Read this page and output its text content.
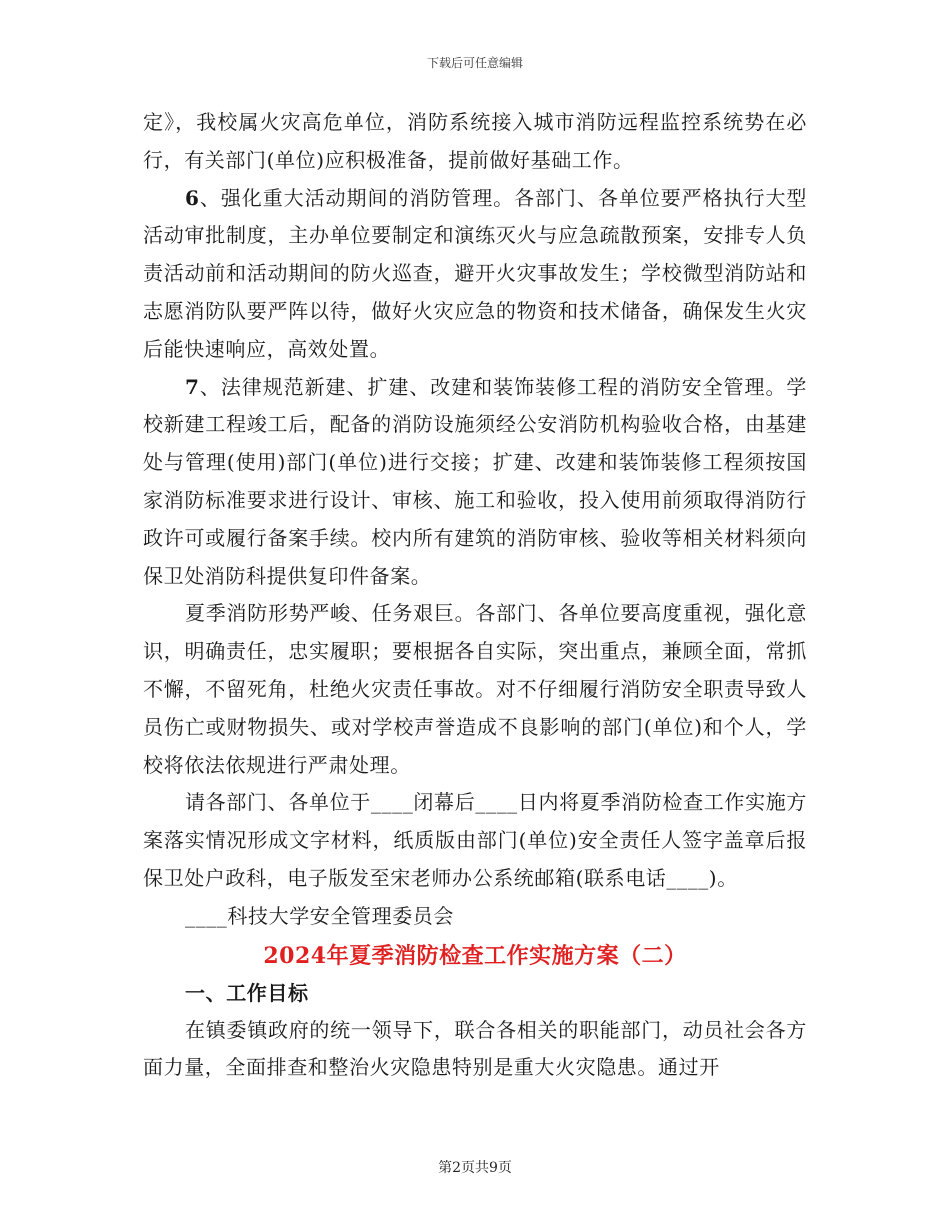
下载后可任意编辑

定》，我校属火灾高危单位，消防系统接入城市消防远程监控系统势在必行，有关部门(单位)应积极准备，提前做好基础工作。

6、强化重大活动期间的消防管理。各部门、各单位要严格执行大型活动审批制度，主办单位要制定和演练灭火与应急疏散预案，安排专人负责活动前和活动期间的防火巡查，避开火灾事故发生；学校微型消防站和志愿消防队要严阵以待，做好火灾应急的物资和技术储备，确保发生火灾后能快速响应，高效处置。

7、法律规范新建、扩建、改建和装饰装修工程的消防安全管理。学校新建工程竣工后，配备的消防设施须经公安消防机构验收合格，由基建处与管理(使用)部门(单位)进行交接；扩建、改建和装饰装修工程须按国家消防标准要求进行设计、审核、施工和验收，投入使用前须取得消防行政许可或履行备案手续。校内所有建筑的消防审核、验收等相关材料须向保卫处消防科提供复印件备案。

夏季消防形势严峻、任务艰巨。各部门、各单位要高度重视，强化意识，明确责任，忠实履职；要根据各自实际，突出重点，兼顾全面，常抓不懈，不留死角，杜绝火灾责任事故。对不仔细履行消防安全职责导致人员伤亡或财物损失、或对学校声誉造成不良影响的部门(单位)和个人，学校将依法依规进行严肃处理。

请各部门、各单位于____闭幕后____日内将夏季消防检查工作实施方案落实情况形成文字材料，纸质版由部门(单位)安全责任人签字盖章后报保卫处户政科，电子版发至宋老师办公系统邮箱(联系电话____)。

____科技大学安全管理委员会

2024年夏季消防检查工作实施方案（二）
一、工作目标

在镇委镇政府的统一领导下，联合各相关的职能部门，动员社会各方面力量，全面排查和整治火灾隐患特别是重大火灾隐患。通过开

第2页共9页
